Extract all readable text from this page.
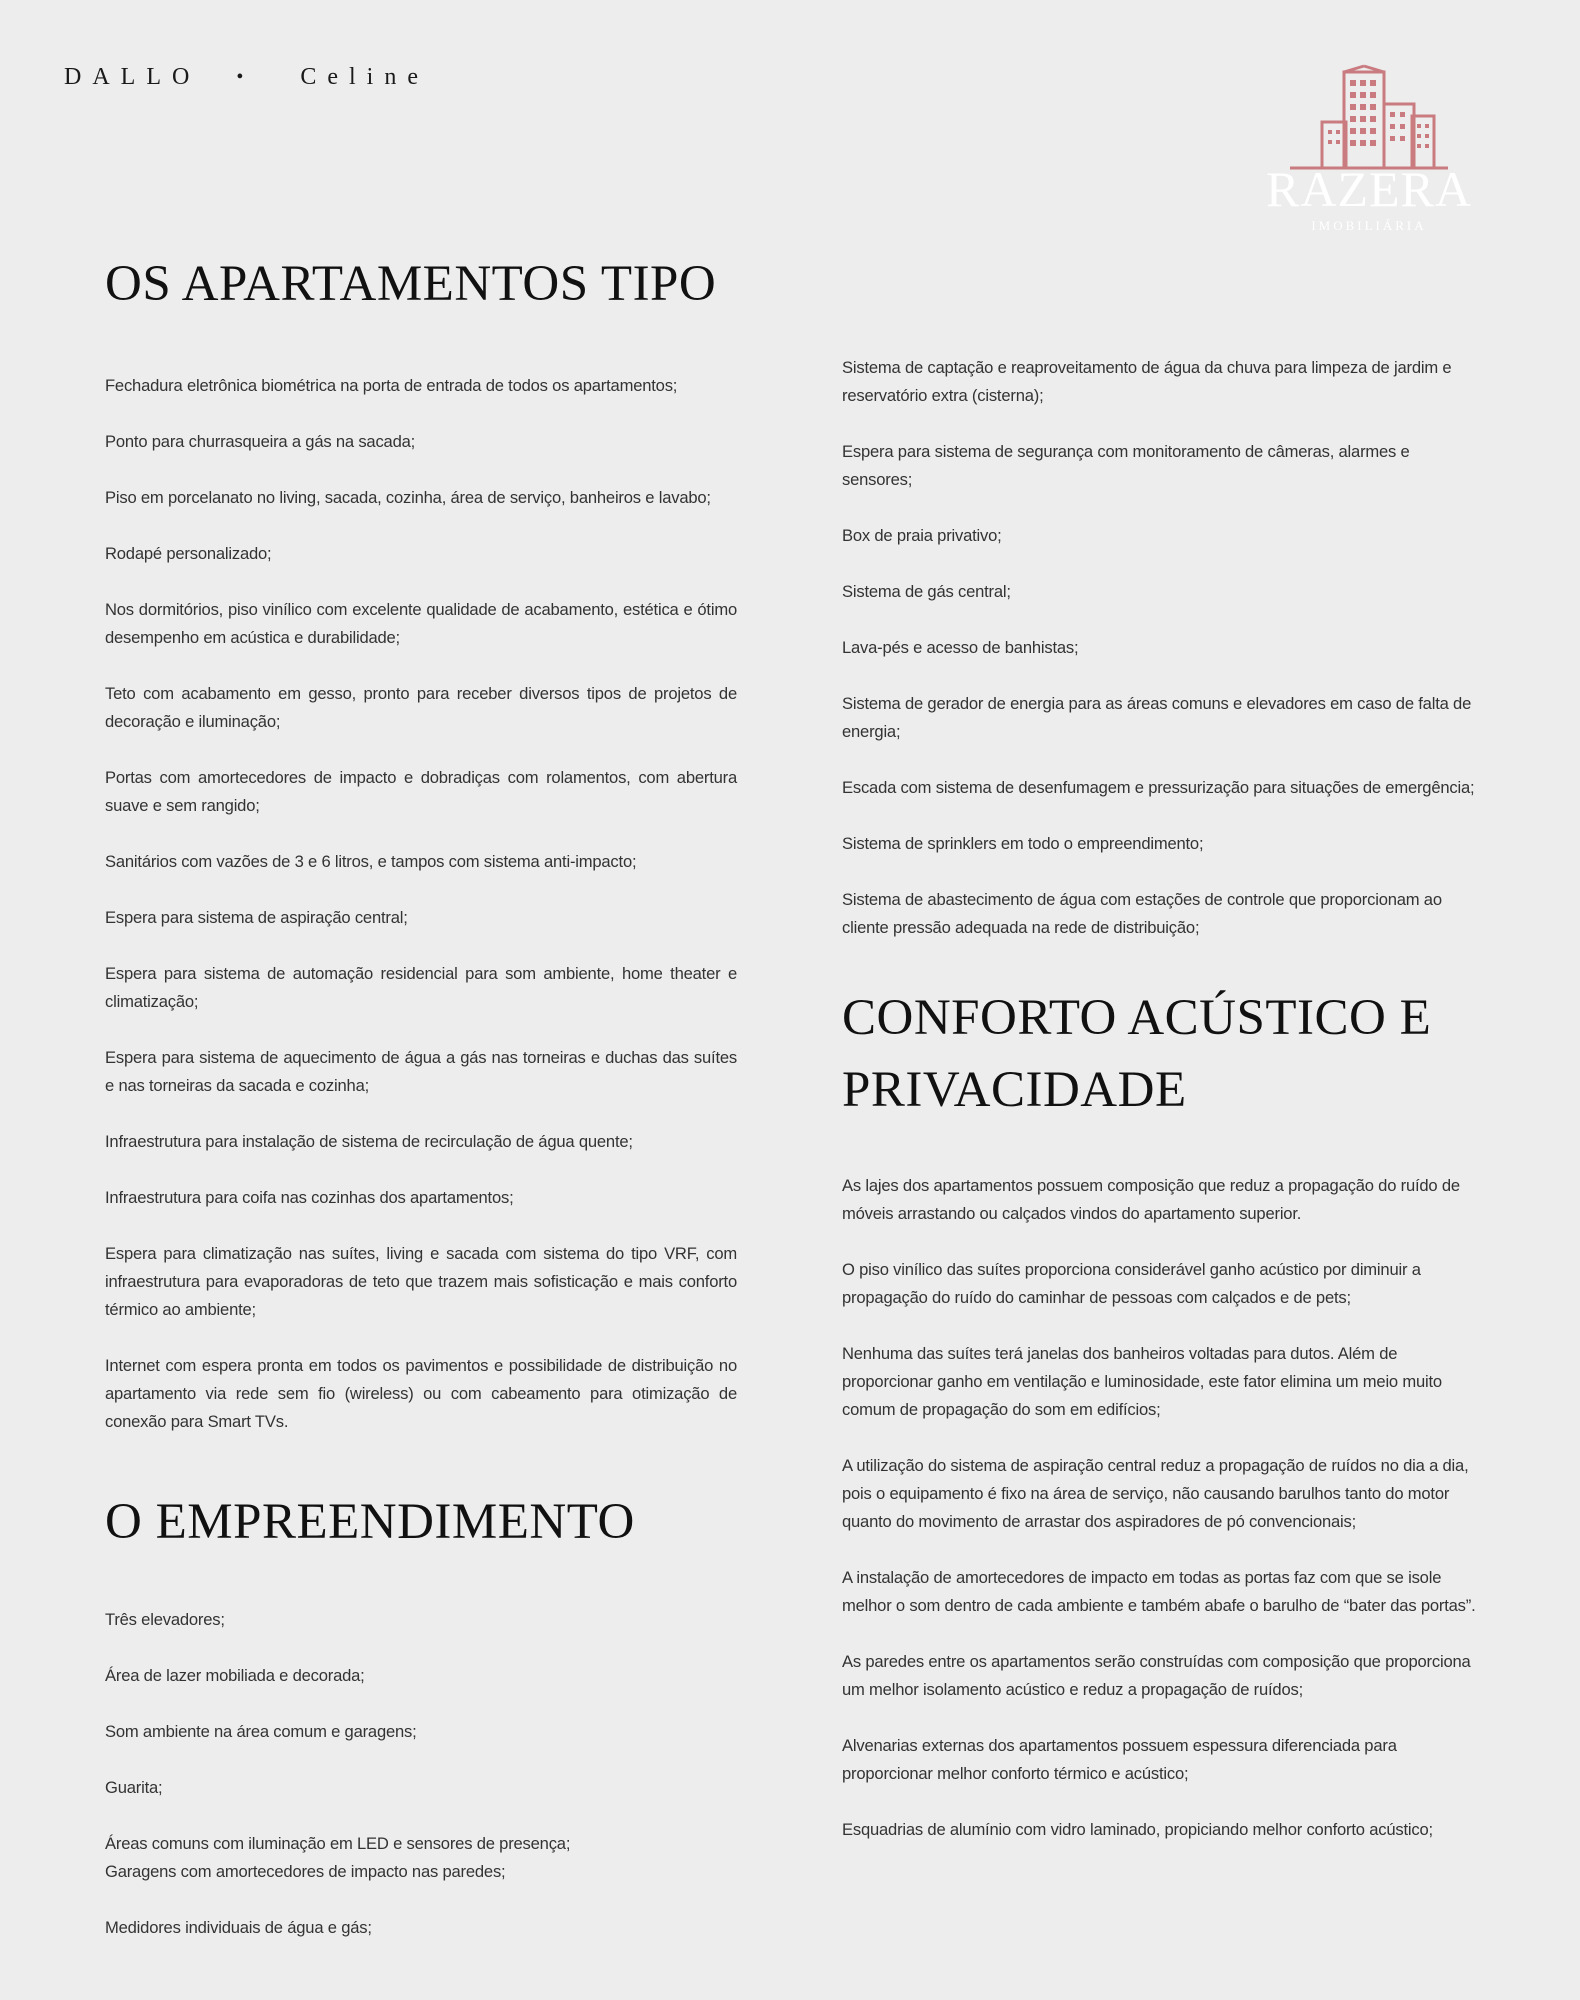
DALLO • Celine
RAZERA
IMOBILIÁRIA
OS APARTAMENTOS TIPO

Fechadura eletrônica biométrica na porta de entrada de todos os apartamentos;

Ponto para churrasqueira a gás na sacada;

Piso em porcelanato no living, sacada, cozinha, área de serviço, banheiros e lavabo;

Rodapé personalizado;

Nos dormitórios, piso vinílico com excelente qualidade de acabamento, estética e ótimo desempenho em acústica e durabilidade;

Teto com acabamento em gesso, pronto para receber diversos tipos de projetos de decoração e iluminação;

Portas com amortecedores de impacto e dobradiças com rolamentos, com abertura suave e sem rangido;

Sanitários com vazões de 3 e 6 litros, e tampos com sistema anti-impacto;

Espera para sistema de aspiração central;

Espera para sistema de automação residencial para som ambiente, home theater e climatização;

Espera para sistema de aquecimento de água a gás nas torneiras e duchas das suítes e nas torneiras da sacada e cozinha;

Infraestrutura para instalação de sistema de recirculação de água quente;

Infraestrutura para coifa nas cozinhas dos apartamentos;

Espera para climatização nas suítes, living e sacada com sistema do tipo VRF, com infraestrutura para evaporadoras de teto que trazem mais sofisticação e mais conforto térmico ao ambiente;

Internet com espera pronta em todos os pavimentos e possibilidade de distribuição no apartamento via rede sem fio (wireless) ou com cabeamento para otimização de conexão para Smart TVs.

O EMPREENDIMENTO

Três elevadores;

Área de lazer mobiliada e decorada;

Som ambiente na área comum e garagens;

Guarita;

Áreas comuns com iluminação em LED e sensores de presença;

Garagens com amortecedores de impacto nas paredes;

Medidores individuais de água e gás;

Sistema de captação e reaproveitamento de água da chuva para limpeza de jardim e reservatório extra (cisterna);

Espera para sistema de segurança com monitoramento de câmeras, alarmes e sensores;

Box de praia privativo;

Sistema de gás central;

Lava-pés e acesso de banhistas;

Sistema de gerador de energia para as áreas comuns e elevadores em caso de falta de energia;

Escada com sistema de desenfumagem e pressurização para situações de emergência;

Sistema de sprinklers em todo o empreendimento;

Sistema de abastecimento de água com estações de controle que proporcionam ao cliente pressão adequada na rede de distribuição;

CONFORTO ACÚSTICO E
PRIVACIDADE

As lajes dos apartamentos possuem composição que reduz a propagação do ruído de móveis arrastando ou calçados vindos do apartamento superior.

O piso vinílico das suítes proporciona considerável ganho acústico por diminuir a propagação do ruído do caminhar de pessoas com calçados e de pets;

Nenhuma das suítes terá janelas dos banheiros voltadas para dutos. Além de proporcionar ganho em ventilação e luminosidade, este fator elimina um meio muito comum de propagação do som em edifícios;

A utilização do sistema de aspiração central reduz a propagação de ruídos no dia a dia, pois o equipamento é fixo na área de serviço, não causando barulhos tanto do motor quanto do movimento de arrastar dos aspiradores de pó convencionais;

A instalação de amortecedores de impacto em todas as portas faz com que se isole melhor o som dentro de cada ambiente e também abafe o barulho de “bater das portas”.

As paredes entre os apartamentos serão construídas com composição que proporciona um melhor isolamento acústico e reduz a propagação de ruídos;

Alvenarias externas dos apartamentos possuem espessura diferenciada para proporcionar melhor conforto térmico e acústico;

Esquadrias de alumínio com vidro laminado, propiciando melhor conforto acústico;
